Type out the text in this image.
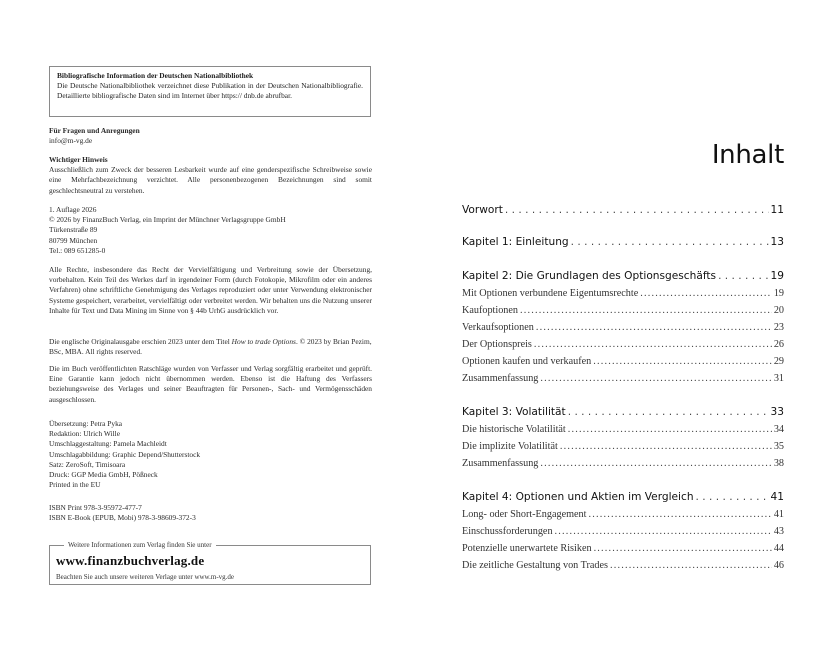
Bibliografische Information der Deutschen Nationalbibliothek
Die Deutsche Nationalbibliothek verzeichnet diese Publikation in der Deutschen Nationalbibliografie. Detaillierte bibliografische Daten sind im Internet über https:// dnb.de abrufbar.
Für Fragen und Anregungen
info@m-vg.de
Wichtiger Hinweis
Ausschließlich zum Zweck der besseren Lesbarkeit wurde auf eine genderspezifische Schreibweise sowie eine Mehrfachbezeichnung verzichtet. Alle personenbezogenen Bezeichnungen sind somit geschlechtsneutral zu verstehen.
1. Auflage 2026
© 2026 by FinanzBuch Verlag, ein Imprint der Münchner Verlagsgruppe GmbH
Türkenstraße 89
80799 München
Tel.: 089 651285-0
Alle Rechte, insbesondere das Recht der Vervielfältigung und Verbreitung sowie der Übersetzung, vorbehalten. Kein Teil des Werkes darf in irgendeiner Form (durch Fotokopie, Mikrofilm oder ein anderes Verfahren) ohne schriftliche Genehmigung des Verlages reproduziert oder unter Verwendung elektronischer Systeme gespeichert, verarbeitet, vervielfältigt oder verbreitet werden. Wir behalten uns die Nutzung unserer Inhalte für Text und Data Mining im Sinne von § 44b UrhG ausdrücklich vor.
Die englische Originalausgabe erschien 2023 unter dem Titel How to trade Options. © 2023 by Brian Pezim, BSc, MBA. All rights reserved.
Die im Buch veröffentlichten Ratschläge wurden von Verfasser und Verlag sorgfältig erarbeitet und geprüft. Eine Garantie kann jedoch nicht übernommen werden. Ebenso ist die Haftung des Verfassers beziehungsweise des Verlages und seiner Beauftragten für Personen-, Sach- und Vermögensschäden ausgeschlossen.
Übersetzung: Petra Pyka
Redaktion: Ulrich Wille
Umschlaggestaltung: Pamela Machleidt
Umschlagabbildung: Graphic Depend/Shutterstock
Satz: ZeroSoft, Timisoara
Druck: GGP Media GmbH, Pößneck
Printed in the EU
ISBN Print 978-3-95972-477-7
ISBN E-Book (EPUB, Mobi) 978-3-98609-372-3
Weitere Informationen zum Verlag finden Sie unter
www.finanzbuchverlag.de
Beachten Sie auch unsere weiteren Verlage unter www.m-vg.de
Inhalt
Vorwort . . .	11
Kapitel 1: Einleitung . . .	13
Kapitel 2: Die Grundlagen des Optionsgeschäfts . . .	19
Mit Optionen verbundene Eigentumsrechte .....	19
Kaufoptionen .....	20
Verkaufsoptionen .....	23
Der Optionspreis .....	26
Optionen kaufen und verkaufen .....	29
Zusammenfassung .....	31
Kapitel 3: Volatilität . . .	33
Die historische Volatilität .....	34
Die implizite Volatilität .....	35
Zusammenfassung .....	38
Kapitel 4: Optionen und Aktien im Vergleich . . .	41
Long- oder Short-Engagement .....	41
Einschussforderungen .....	43
Potenzielle unerwartete Risiken .....	44
Die zeitliche Gestaltung von Trades .....	46
